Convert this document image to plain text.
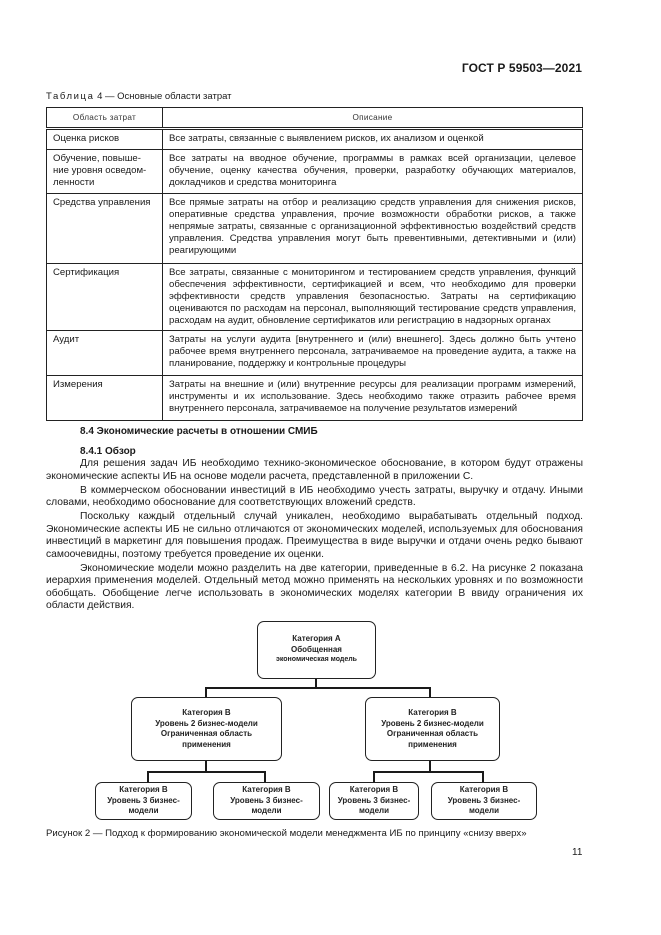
ГОСТ Р 59503—2021
Таблица 4 — Основные области затрат
Область затрат	Описание
Оценка рисков	Все затраты, связанные с выявлением рисков, их анализом и оценкой
Обучение, повыше-
ние уровня осведом-
ленности	Все затраты на вводное обучение, программы в рамках всей организации, целевое обучение, оценку качества обучения, проверки, разработку обучающих материалов, докладчиков и средства мониторинга
Средства управления	Все прямые затраты на отбор и реализацию средств управления для снижения рисков, оперативные средства управления, прочие возможности обработки рисков, а также непрямые затраты, связанные с организационной эффективностью воздействий средств управления. Средства управления могут быть превентивными, детективными и (или) реагирующими
Сертификация	Все затраты, связанные с мониторингом и тестированием средств управления, функций обеспечения эффективности, сертификацией и всем, что необходимо для проверки эффективности средств управления безопасностью. Затраты на сертификацию оцениваются по расходам на персонал, выполняющий тестирование средств управления, расходам на аудит, обновление сертификатов или регистрацию в надзорных органах
Аудит	Затраты на услуги аудита [внутреннего и (или) внешнего]. Здесь должно быть учтено рабочее время внутреннего персонала, затрачиваемое на проведение аудита, а также на планирование, поддержку и контрольные процедуры
Измерения	Затраты на внешние и (или) внутренние ресурсы для реализации программ измерений, инструменты и их использование. Здесь необходимо также отразить рабочее время внутреннего персонала, затрачиваемое на получение результатов измерений
8.4 Экономические расчеты в отношении СМИБ
8.4.1 Обзор

Для решения задач ИБ необходимо технико-экономическое обоснование, в котором будут отражены экономические аспекты ИБ на основе модели расчета, представленной в приложении С.

В коммерческом обосновании инвестиций в ИБ необходимо учесть затраты, выручку и отдачу. Иными словами, необходимо обоснование для соответствующих вложений средств.

Поскольку каждый отдельный случай уникален, необходимо вырабатывать отдельный подход. Экономические аспекты ИБ не сильно отличаются от экономических моделей, используемых для обоснования инвестиций в маркетинг для повышения продаж. Преимущества в виде выручки и отдачи очень редко бывают самоочевидны, поэтому требуется проведение их оценки.

Экономические модели можно разделить на две категории, приведенные в 6.2. На рисунке 2 показана иерархия применения моделей. Отдельный метод можно применять на нескольких уровнях и по возможности обобщать. Обобщение легче использовать в экономических моделях категории В ввиду ограничения их области действия.

Категория А
Обобщенная
экономическая модель
Категория В
Уровень 2 бизнес-модели
Ограниченная область
применения
Категория В
Уровень 2 бизнес-модели
Ограниченная область
применения
Категория В
Уровень 3 бизнес-
модели
Категория В
Уровень 3 бизнес-
модели
Категория В
Уровень 3 бизнес-
модели
Категория В
Уровень 3 бизнес-
модели
Рисунок 2 — Подход к формированию экономической модели менеджмента ИБ по принципу «снизу вверх»
11
